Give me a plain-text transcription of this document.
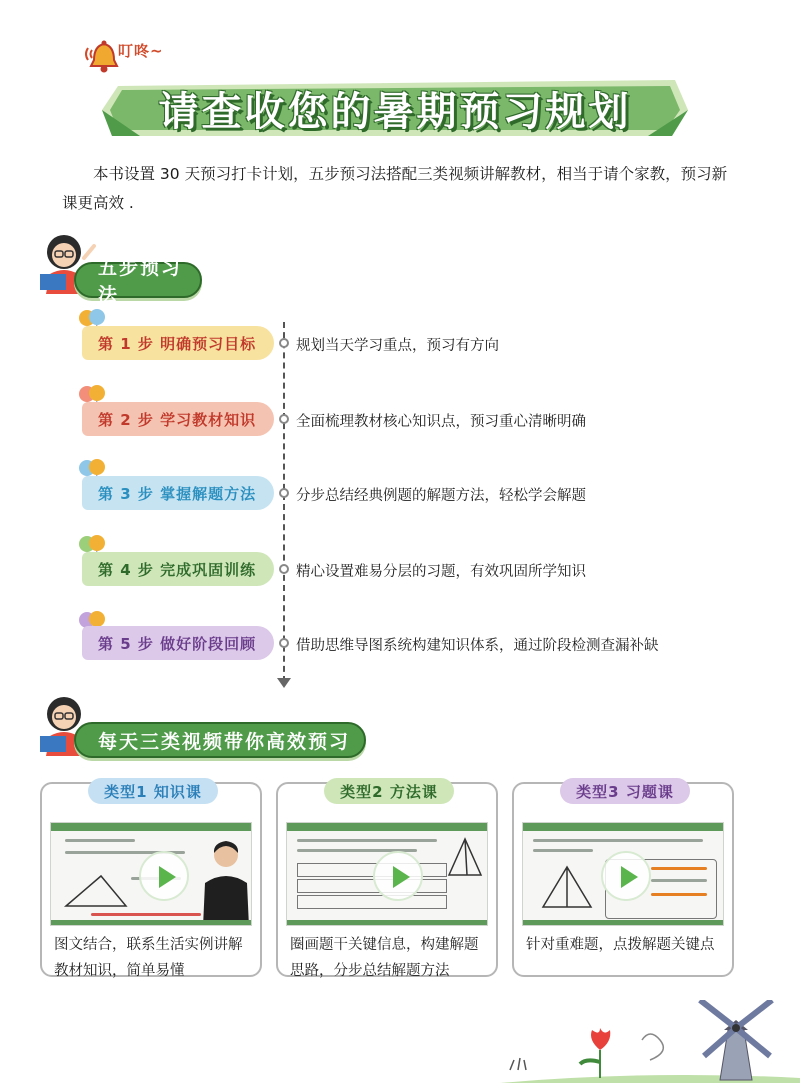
叮咚~
请查收您的暑期预习规划
本书设置 30 天预习打卡计划，五步预习法搭配三类视频讲解教材，相当于请个家教，预习新课更高效 .
五步预习法
第 1 步 明确预习目标	规划当天学习重点，预习有方向
第 2 步 学习教材知识	全面梳理教材核心知识点，预习重心清晰明确
第 3 步 掌握解题方法	分步总结经典例题的解题方法，轻松学会解题
第 4 步 完成巩固训练	精心设置难易分层的习题，有效巩固所学知识
第 5 步 做好阶段回顾	借助思维导图系统构建知识体系，通过阶段检测查漏补缺
每天三类视频带你高效预习
类型1 知识课
图文结合，联系生活实例讲解教材知识，简单易懂
类型2 方法课
圈画题干关键信息，构建解题思路，分步总结解题方法
类型3 习题课
针对重难题，点拨解题关键点
